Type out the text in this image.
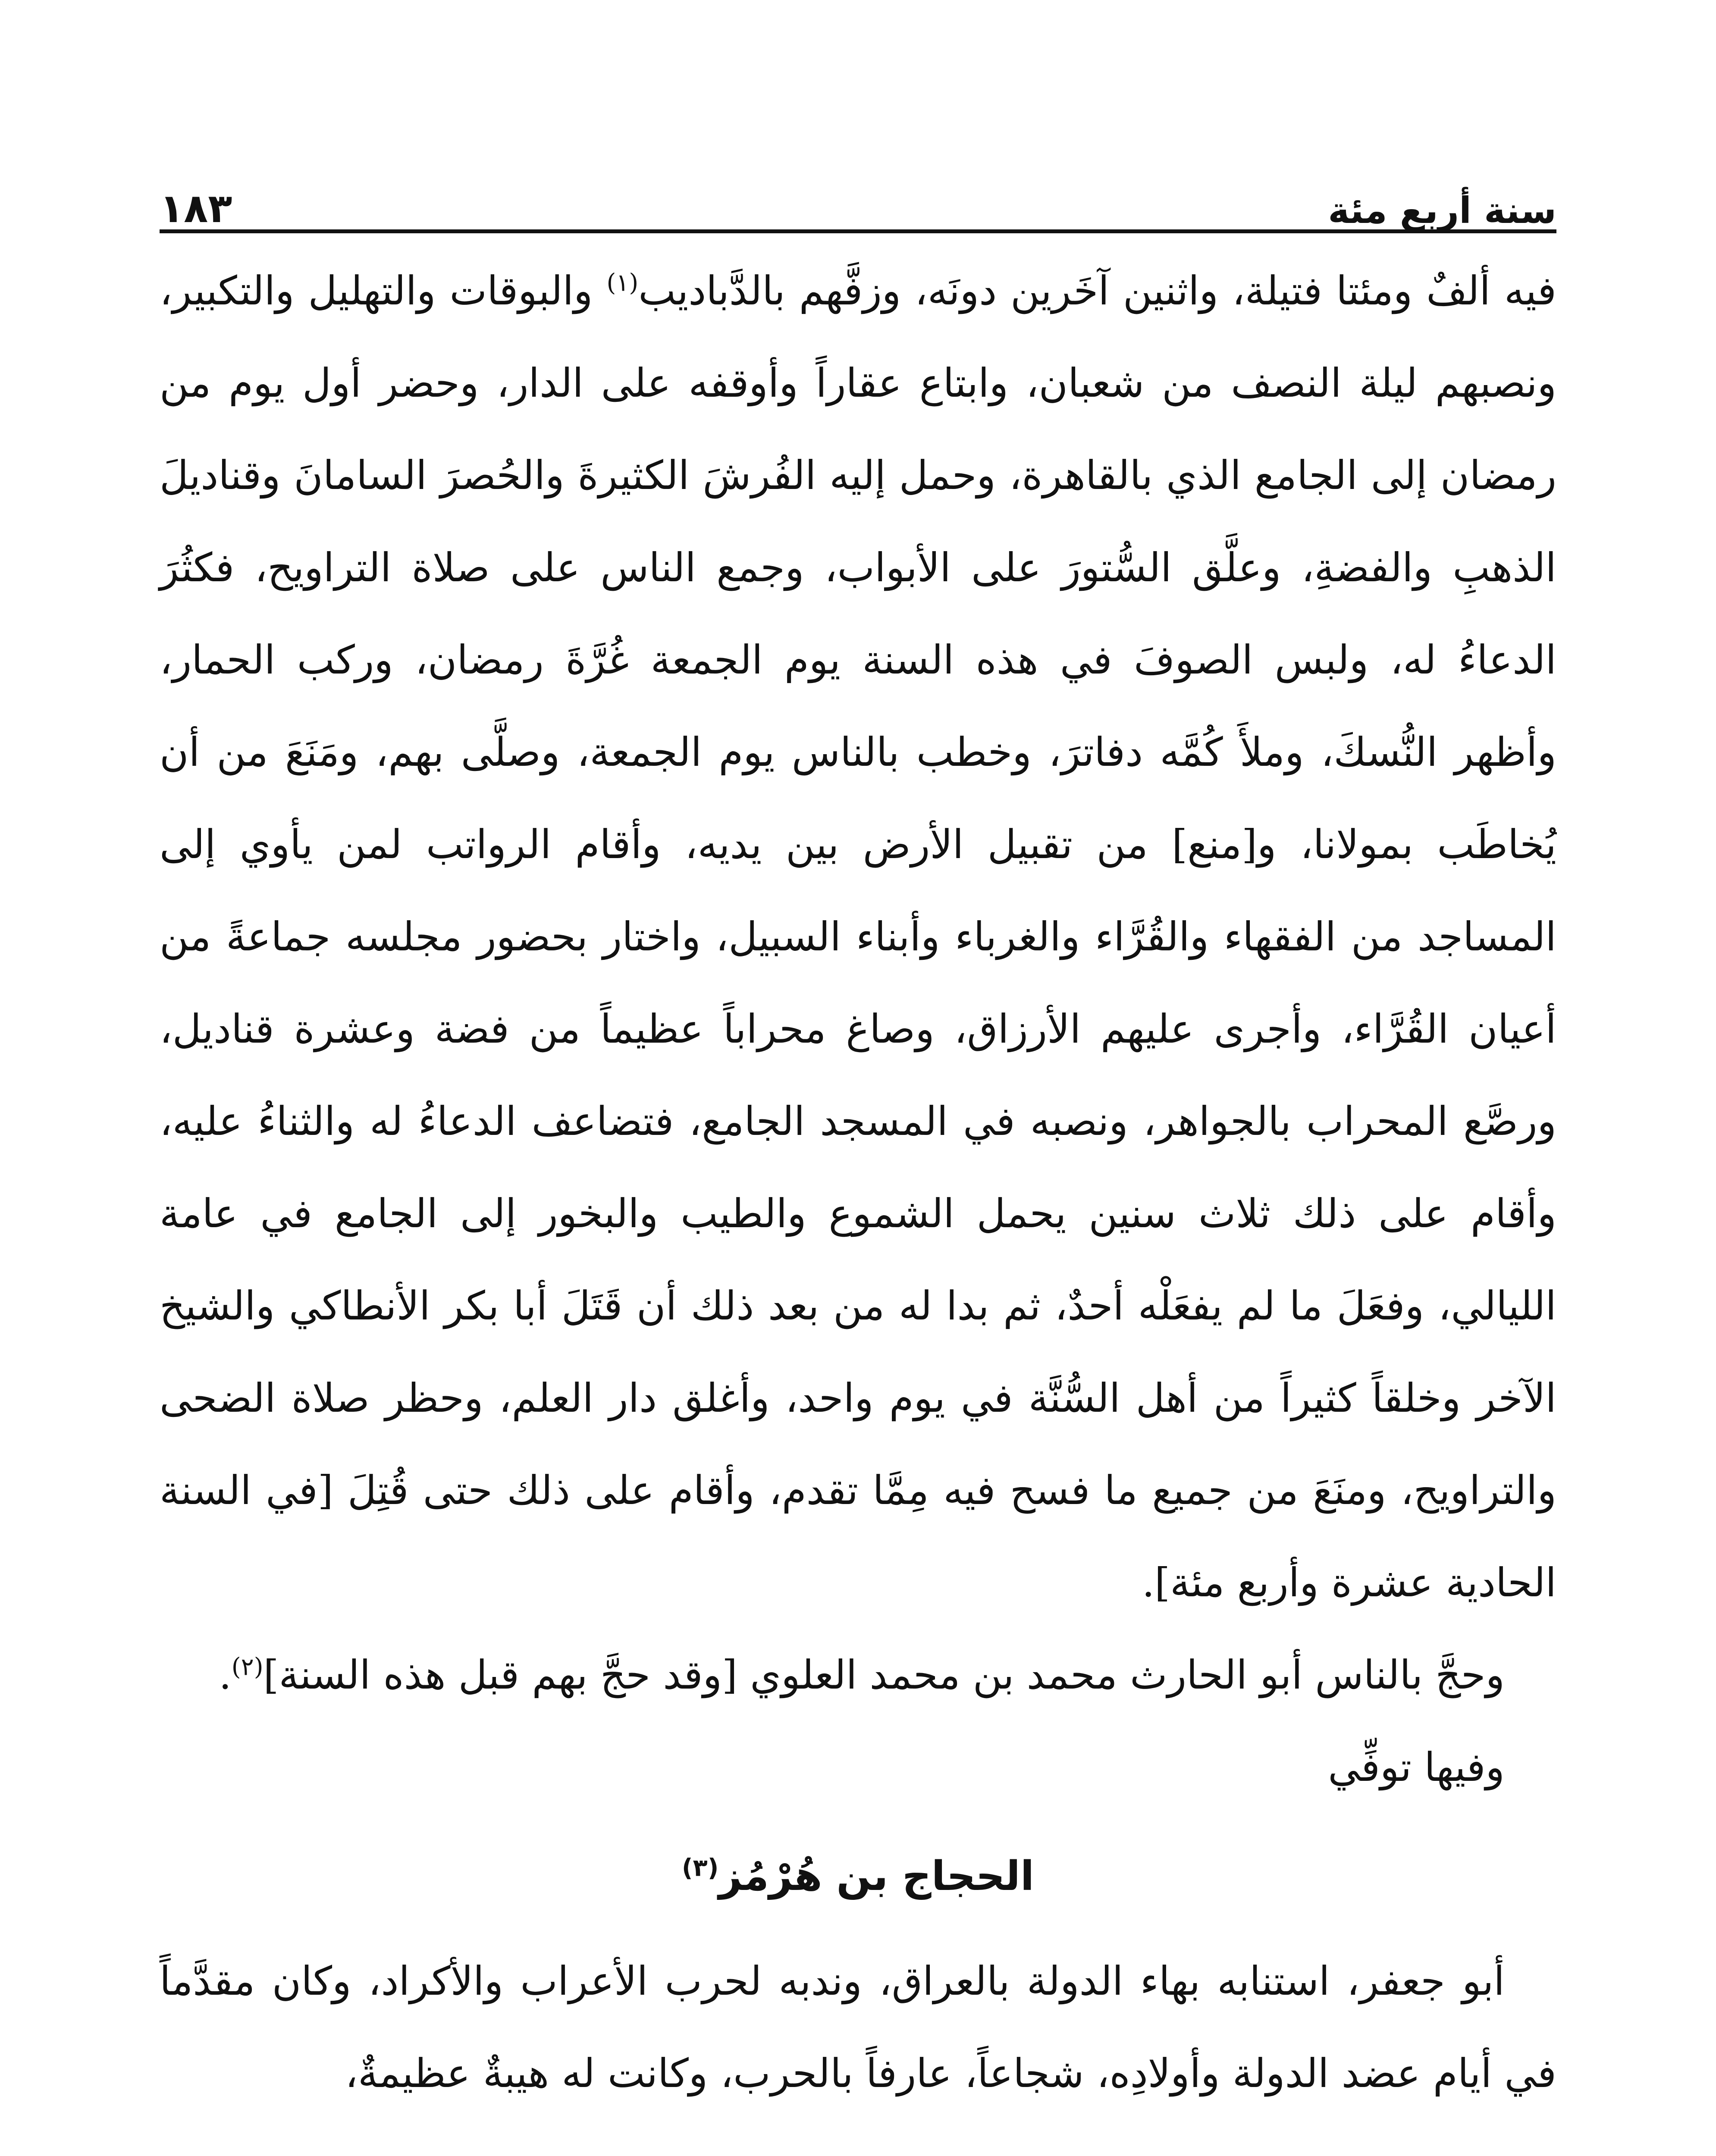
سنة أربع مئة
١٨٣

فيه ألفٌ ومئتا فتيلة، واثنين آخَرين دونَه، وزفَّهم بالدَّباديب$^{(١)}$ والبوقات والتهليل والتكبير، ونصبهم ليلة النصف من شعبان، وابتاع عقاراً وأوقفه على الدار، وحضر أول يوم من رمضان إلى الجامع الذي بالقاهرة، وحمل إليه الفُرشَ الكثيرةَ والحُصرَ السامانَ وقناديلَ الذهبِ والفضةِ، وعلَّق السُّتورَ على الأبواب، وجمع الناس على صلاة التراويح، فكثُرَ الدعاءُ له، ولبس الصوفَ في هذه السنة يوم الجمعة غُرَّةَ رمضان، وركب الحمار، وأظهر النُّسكَ، وملأَ كُمَّه دفاترَ، وخطب بالناس يوم الجمعة، وصلَّى بهم، ومَنَعَ من أن يُخاطَب بمولانا، و[منع] من تقبيل الأرض بين يديه، وأقام الرواتب لمن يأوي إلى المساجد من الفقهاء والقُرَّاء والغرباء وأبناء السبيل، واختار بحضور مجلسه جماعةً من أعيان القُرَّاء، وأجرى عليهم الأرزاق، وصاغ محراباً عظيماً من فضة وعشرة قناديل، ورصَّع المحراب بالجواهر، ونصبه في المسجد الجامع، فتضاعف الدعاءُ له والثناءُ عليه، وأقام على ذلك ثلاث سنين يحمل الشموع والطيب والبخور إلى الجامع في عامة الليالي، وفعَلَ ما لم يفعَلْه أحدٌ، ثم بدا له من بعد ذلك أن قَتَلَ أبا بكر الأنطاكي والشيخ الآخر وخلقاً كثيراً من أهل السُّنَّة في يوم واحد، وأغلق دار العلم، وحظر صلاة الضحى والتراويح، ومنَعَ من جميع ما فسح فيه مِمَّا تقدم، وأقام على ذلك حتى قُتِلَ [في السنة الحادية عشرة وأربع مئة].

وحجَّ بالناس أبو الحارث محمد بن محمد العلوي [وقد حجَّ بهم قبل هذه السنة]$^{(٢)}$.

وفيها توفِّي

الحجاج بن هُرْمُز$^{(٣)}$

أبو جعفر، استنابه بهاء الدولة بالعراق، وندبه لحرب الأعراب والأكراد، وكان مقدَّماً في أيام عضد الدولة وأولادِه، شجاعاً، عارفاً بالحرب، وكانت له هيبةٌ عظيمةٌ،
